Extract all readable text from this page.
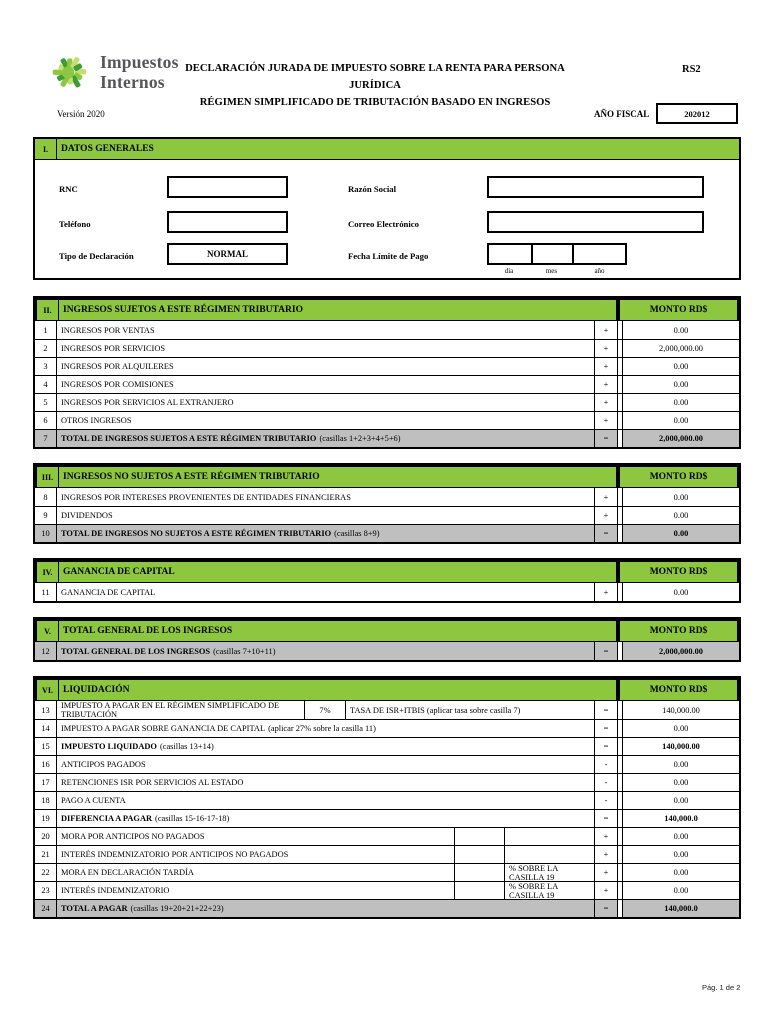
Impuestos
Internos
DECLARACIÓN JURADA DE IMPUESTO SOBRE LA RENTA PARA PERSONA JURÍDICA
RÉGIMEN SIMPLIFICADO DE TRIBUTACIÓN BASADO EN INGRESOS
RS2
Versión 2020	AÑO FISCAL	202012
I.	DATOS GENERALES
RNC	Razón Social
Teléfono	Correo Electrónico
Tipo de Declaración	NORMAL	Fecha Límite de Pago
día	mes	año
II.	INGRESOS SUJETOS A ESTE RÉGIMEN TRIBUTARIO	MONTO RD$
1	INGRESOS POR VENTAS	+	0.00
2	INGRESOS POR SERVICIOS	+	2,000,000.00
3	INGRESOS POR ALQUILERES	+	0.00
4	INGRESOS POR COMISIONES	+	0.00
5	INGRESOS POR SERVICIOS AL EXTRANJERO	+	0.00
6	OTROS INGRESOS	+	0.00
7	TOTAL DE INGRESOS SUJETOS A ESTE RÉGIMEN TRIBUTARIO (casillas 1+2+3+4+5+6)	=	2,000,000.00
III.	INGRESOS NO SUJETOS A ESTE RÉGIMEN TRIBUTARIO	MONTO RD$
8	INGRESOS POR INTERESES PROVENIENTES DE ENTIDADES FINANCIERAS	+	0.00
9	DIVIDENDOS	+	0.00
10	TOTAL DE INGRESOS NO SUJETOS A ESTE RÉGIMEN TRIBUTARIO (casillas 8+9)	=	0.00
IV.	GANANCIA DE CAPITAL	MONTO RD$
11	GANANCIA DE CAPITAL	+	0.00
V.	TOTAL GENERAL DE LOS INGRESOS	MONTO RD$
12	TOTAL GENERAL DE LOS INGRESOS (casillas 7+10+11)	=	2,000,000.00
VI.	LIQUIDACIÓN	MONTO RD$
13	IMPUESTO A PAGAR EN EL RÉGIMEN SIMPLIFICADO DE TRIBUTACIÓN	7%	TASA DE ISR+ITBIS (aplicar tasa sobre casilla 7)	=	140,000.00
14	IMPUESTO A PAGAR SOBRE GANANCIA DE CAPITAL (aplicar 27% sobre la casilla 11)	=	0.00
15	IMPUESTO LIQUIDADO (casillas 13+14)	=	140,000.00
16	ANTICIPOS PAGADOS	-	0.00
17	RETENCIONES ISR POR SERVICIOS AL ESTADO	-	0.00
18	PAGO A CUENTA	-	0.00
19	DIFERENCIA A PAGAR (casillas 15-16-17-18)	=	140,000.0
20	MORA POR ANTICIPOS NO PAGADOS	+	0.00
21	INTERÉS INDEMNIZATORIO POR ANTICIPOS NO PAGADOS	+	0.00
22	MORA EN DECLARACIÓN TARDÍA	% SOBRE LA CASILLA 19	+	0.00
23	INTERÉS INDEMNIZATORIO	% SOBRE LA CASILLA 19	+	0.00
24	TOTAL A PAGAR (casillas 19+20+21+22+23)	=	140,000.0
Pág. 1 de 2
